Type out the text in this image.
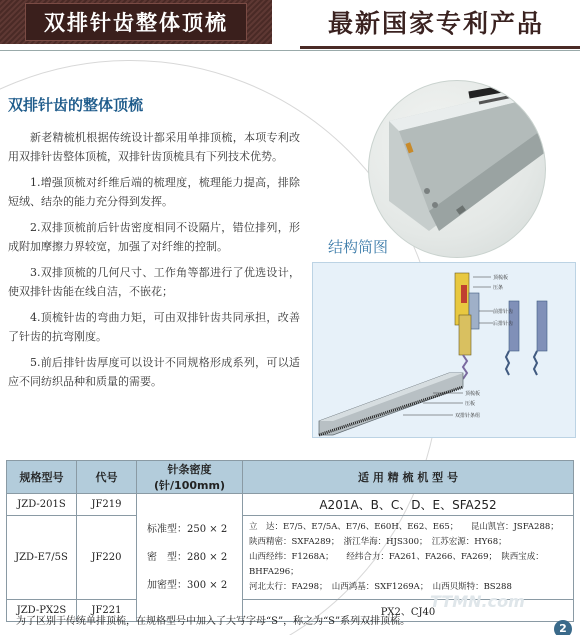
双排针齿整体顶梳	最新国家专利产品
双排针齿的整体顶梳

新老精梳机根据传统设计都采用单排顶梳，本项专利改用双排针齿整体顶梳，双排针齿顶梳具有下列技术优势。

1.增强顶梳对纤维后端的梳理度，梳理能力提高，排除短绒、结杂的能力充分得到发挥。

2.双排顶梳前后针齿密度相同不设隔片，错位排列，形成附加摩擦力界较宽，加强了对纤维的控制。

3.双排顶梳的几何尺寸、工作角等都进行了优选设计，使双排针齿能在线自洁，不嵌花；

4.顶梳针齿的弯曲力矩，可由双排针齿共同承担，改善了针齿的抗弯刚度。

5.前后排针齿厚度可以设计不同规格形成系列，可以适应不同纺织品种和质量的需要。

结构简图
顶梳板
压条
前排针齿
后排针齿
顶梳板
压板
双排针条组
规格型号	代号	针条密度(针/100mm)	适 用 精 梳 机 型 号
JZD-201S	JF219	标准型：250 × 2
密　型：280 × 2
加密型：300 × 2	A201A、B、C、D、E、SFA252
JZD-E7/5S	JF220		立　达：E7/5、E7/5A、E7/6、E60H、E62、E65；　　昆山凯宫：JSFA288；
陕西精密：SXFA289；　浙江华海：HJS300；　江苏宏源：HY68；
山西经纬：F1268A；　　经纬合力：FA261、FA266、FA269；　陕西宝成：BHFA296；
河北太行：FA298；　山西鸿基：SXF1269A；　山西贝斯特：BS288

JZD-PX2S	JF221		PX2、CJ40
为了区别于传统单排顶梳，在规格型号中加入了大写字母“S”，称之为“S”系列双排顶梳。
TTMN.com
2
